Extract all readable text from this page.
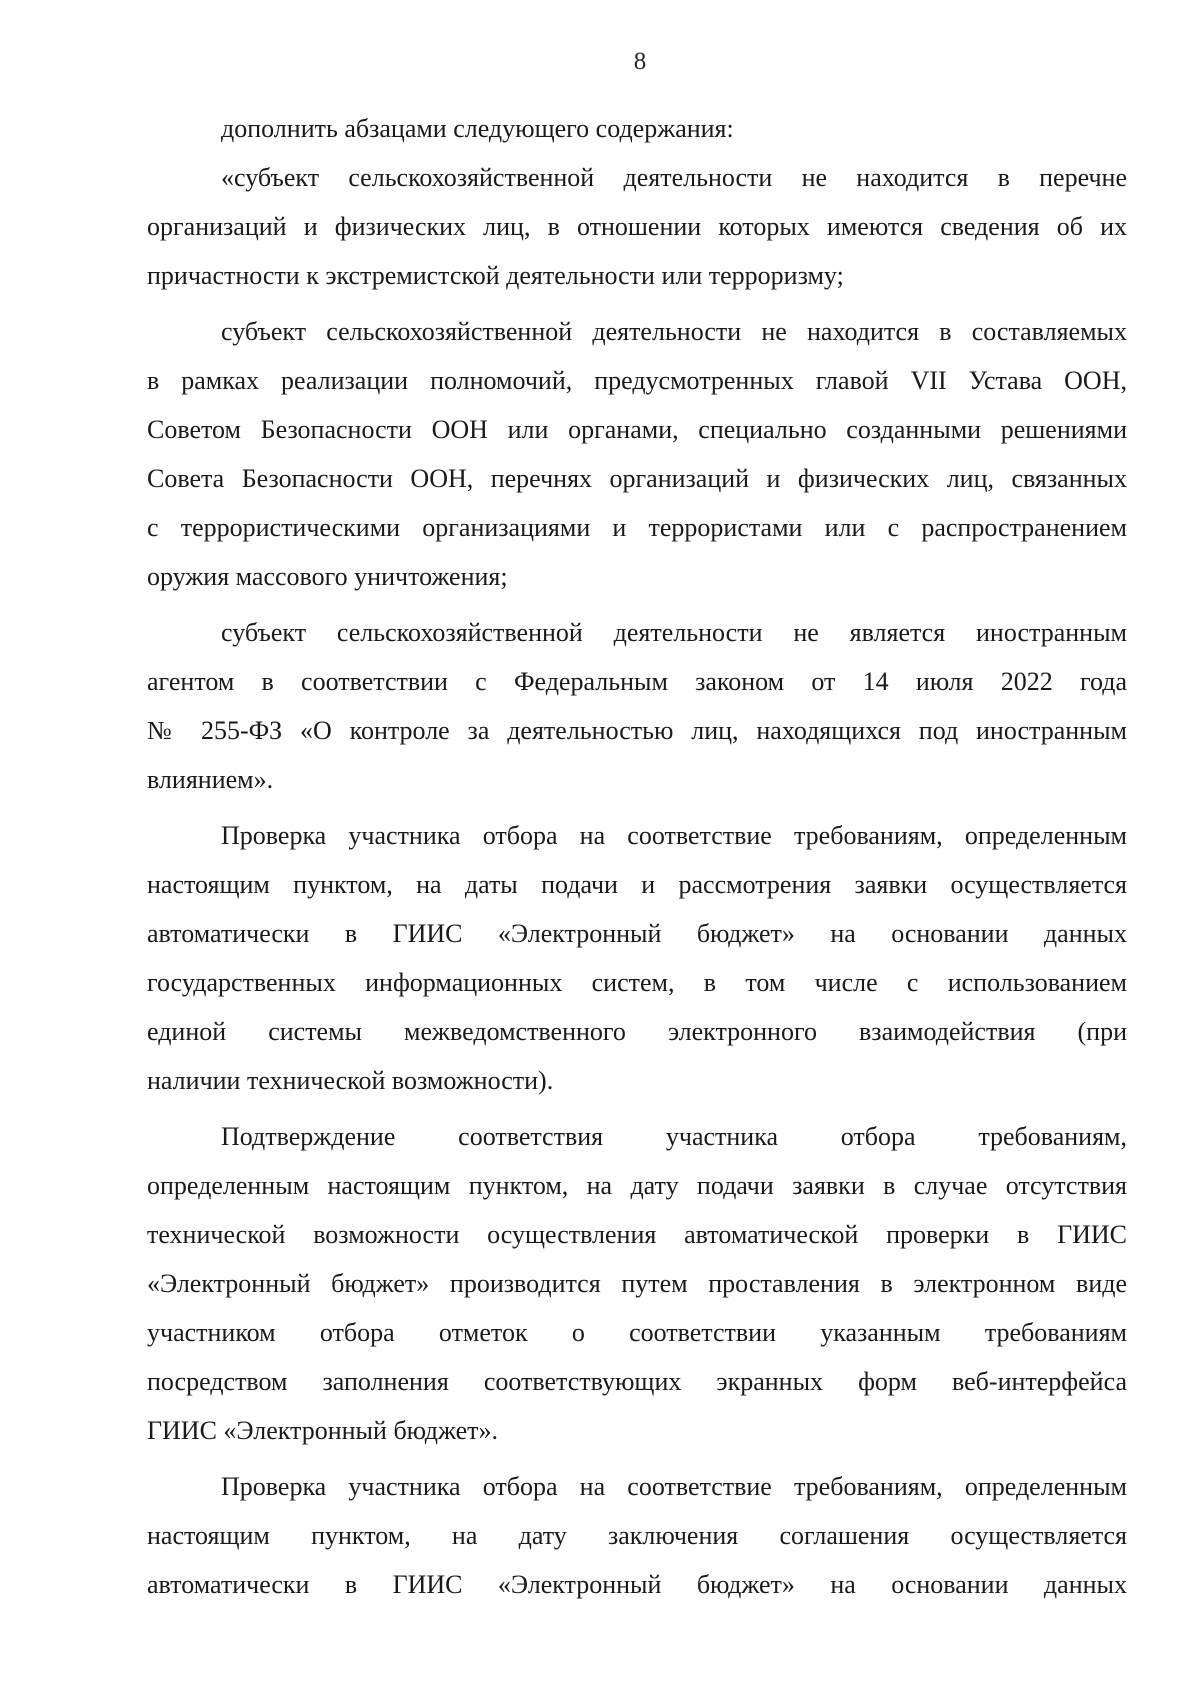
8
дополнить абзацами следующего содержания:
«субъект сельскохозяйственной деятельности не находится в перечне
организаций и физических лиц, в отношении которых имеются сведения об их
причастности к экстремистской деятельности или терроризму;
субъект сельскохозяйственной деятельности не находится в составляемых
в рамках реализации полномочий, предусмотренных главой VII Устава ООН,
Советом Безопасности ООН или органами, специально созданными решениями
Совета Безопасности ООН, перечнях организаций и физических лиц, связанных
с террористическими организациями и террористами или с распространением
оружия массового уничтожения;
субъект сельскохозяйственной деятельности не является иностранным
агентом в соответствии с Федеральным законом от 14 июля 2022 года
№ 255-ФЗ «О контроле за деятельностью лиц, находящихся под иностранным
влиянием».
Проверка участника отбора на соответствие требованиям, определенным
настоящим пунктом, на даты подачи и рассмотрения заявки осуществляется
автоматически в ГИИС «Электронный бюджет» на основании данных
государственных информационных систем, в том числе с использованием
единой системы межведомственного электронного взаимодействия (при
наличии технической возможности).
Подтверждение соответствия участника отбора требованиям,
определенным настоящим пунктом, на дату подачи заявки в случае отсутствия
технической возможности осуществления автоматической проверки в ГИИС
«Электронный бюджет» производится путем проставления в электронном виде
участником отбора отметок о соответствии указанным требованиям
посредством заполнения соответствующих экранных форм веб-интерфейса
ГИИС «Электронный бюджет».
Проверка участника отбора на соответствие требованиям, определенным
настоящим пунктом, на дату заключения соглашения осуществляется
автоматически в ГИИС «Электронный бюджет» на основании данных
